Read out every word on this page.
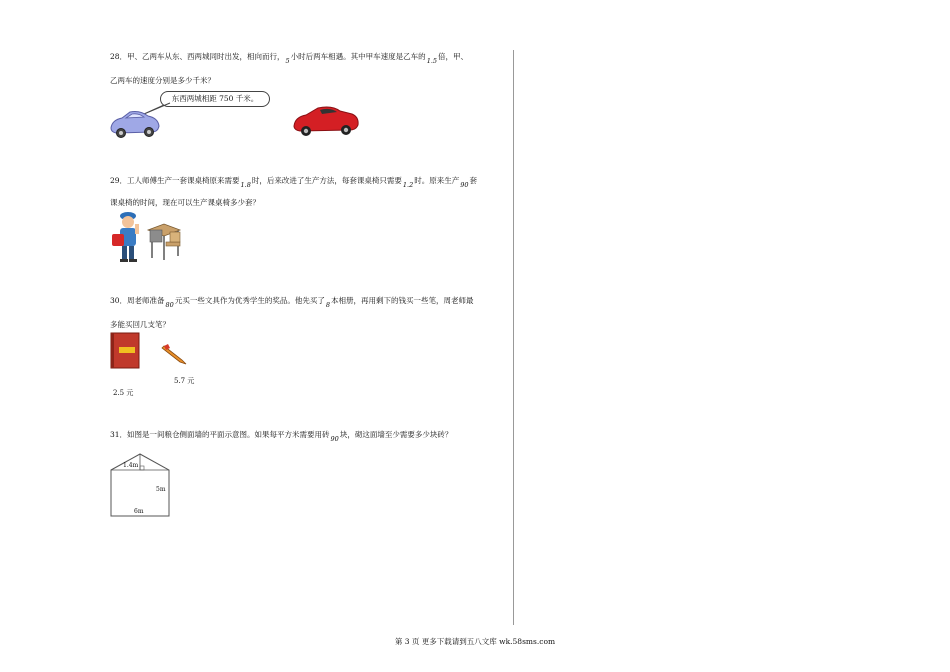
28．甲、乙两车从东、西两城同时出发，相向而行，5小时后两车相遇。其中甲车速度是乙车的1.5倍，甲、
乙两车的速度分别是多少千米？
东西两城相距 750 千米。
29．工人师傅生产一套课桌椅原来需要1.8时，后来改进了生产方法，每套课桌椅只需要1.2时。原来生产90套
课桌椅的时间，现在可以生产课桌椅多少套？
30．周老师准备80元买一些文具作为优秀学生的奖品。他先买了8本相册，再用剩下的钱买一些笔，周老师最
多能买回几支笔？
5.7 元
2.5 元
31．如图是一间粮仓侧面墙的平面示意图。如果每平方米需要用砖90块，砌这面墙至少需要多少块砖？
1.4m
5m
6m
第 3 页 更多下载请到五八文库 wk.58sms.com
